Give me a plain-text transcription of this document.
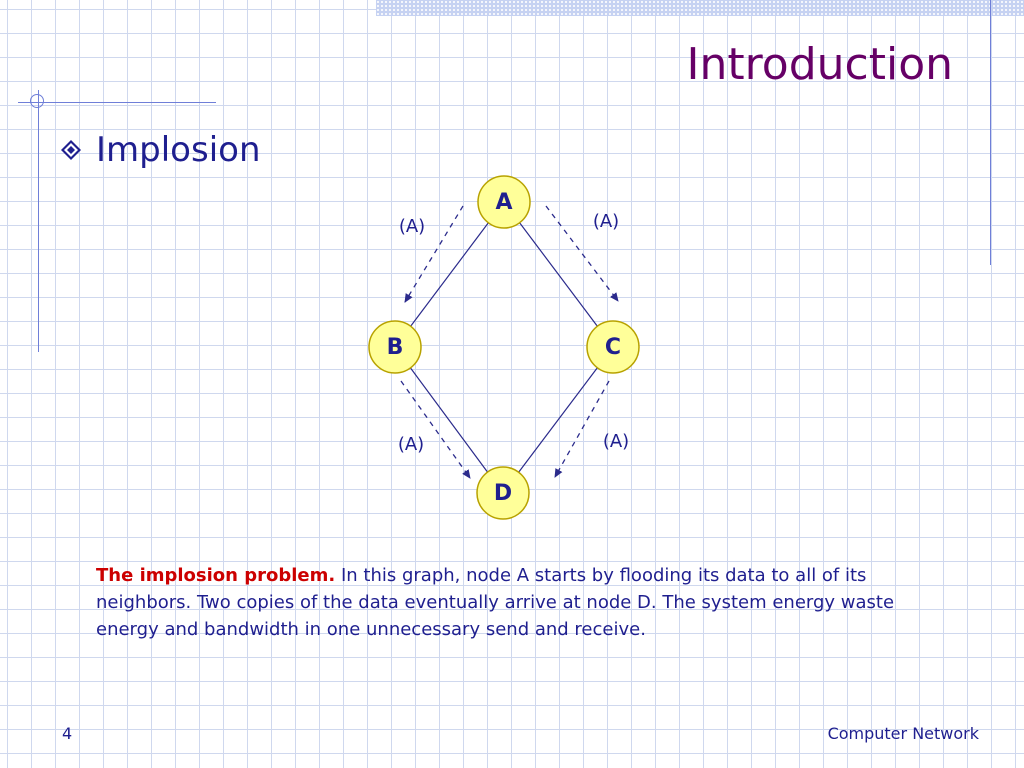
Introduction
Implosion
(A)	(A)
(A)	(A)
A
B	C
D

The implosion problem. In this graph, node A starts by flooding its data to all of its neighbors. Two copies of the data eventually arrive at node D. The system energy waste energy and bandwidth in one unnecessary send and receive.

4	Computer Network
